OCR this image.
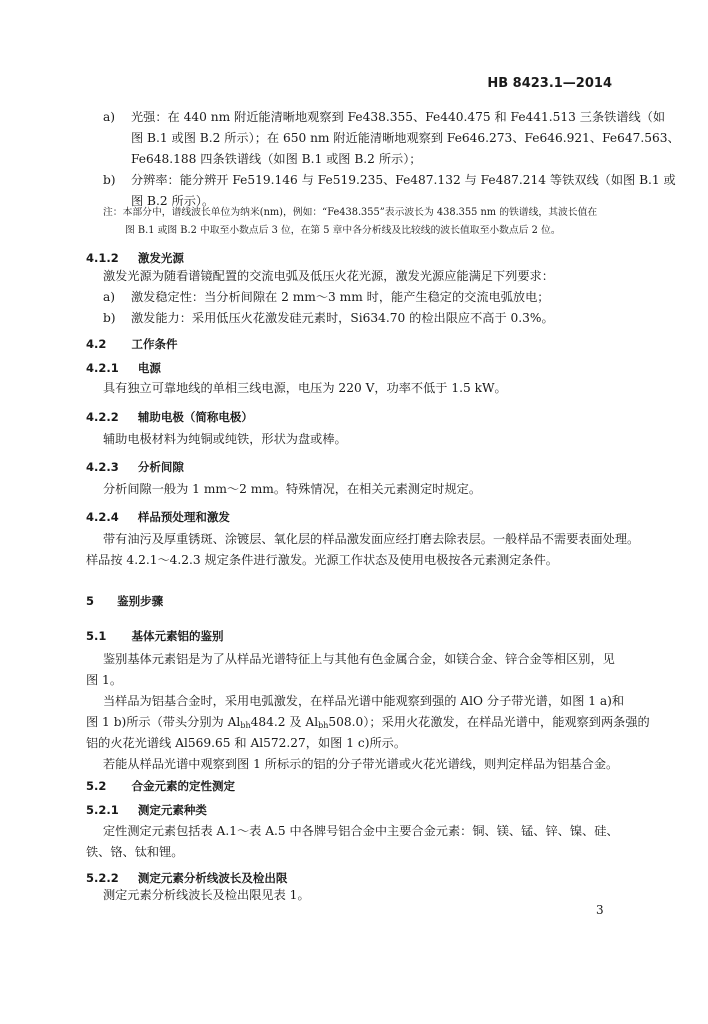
HB 8423.1—2014
a) 光强：在 440 nm 附近能清晰地观察到 Fe438.355、Fe440.475 和 Fe441.513 三条铁谱线（如
图 B.1 或图 B.2 所示）；在 650 nm 附近能清晰地观察到 Fe646.273、Fe646.921、Fe647.563、
Fe648.188 四条铁谱线（如图 B.1 或图 B.2 所示）；
b) 分辨率：能分辨开 Fe519.146 与 Fe519.235、Fe487.132 与 Fe487.214 等铁双线（如图 B.1 或
图 B.2 所示）。
注：本部分中，谱线波长单位为纳米(nm)，例如：“Fe438.355”表示波长为 438.355 nm 的铁谱线，其波长值在
图 B.1 或图 B.2 中取至小数点后 3 位，在第 5 章中各分析线及比较线的波长值取至小数点后 2 位。
4.1.2 激发光源
激发光源为随看谱镜配置的交流电弧及低压火花光源，激发光源应能满足下列要求：
a) 激发稳定性：当分析间隙在 2 mm～3 mm 时，能产生稳定的交流电弧放电；
b) 激发能力：采用低压火花激发硅元素时，Si634.70 的检出限应不高于 0.3%。
4.2 工作条件
4.2.1 电源
具有独立可靠地线的单相三线电源，电压为 220 V，功率不低于 1.5 kW。
4.2.2 辅助电极（简称电极）
辅助电极材料为纯铜或纯铁，形状为盘或棒。
4.2.3 分析间隙
分析间隙一般为 1 mm～2 mm。特殊情况，在相关元素测定时规定。
4.2.4 样品预处理和激发
带有油污及厚重锈斑、涂镀层、氧化层的样品激发面应经打磨去除表层。一般样品不需要表面处理。
样品按 4.2.1～4.2.3 规定条件进行激发。光源工作状态及使用电极按各元素测定条件。
5 鉴别步骤
5.1 基体元素铝的鉴别
鉴别基体元素铝是为了从样品光谱特征上与其他有色金属合金，如镁合金、锌合金等相区别，见
图 1。
当样品为铝基合金时，采用电弧激发，在样品光谱中能观察到强的 AlO 分子带光谱，如图 1 a)和
图 1 b)所示（带头分别为 $Al_{bh}484.2$ 及 $Al_{bh}508.0$）；采用火花激发，在样品光谱中，能观察到两条强的
铝的火花光谱线 Al569.65 和 Al572.27，如图 1 c)所示。
若能从样品光谱中观察到图 1 所标示的铝的分子带光谱或火花光谱线，则判定样品为铝基合金。
5.2 合金元素的定性测定
5.2.1 测定元素种类
定性测定元素包括表 A.1～表 A.5 中各牌号铝合金中主要合金元素：铜、镁、锰、锌、镍、硅、
铁、铬、钛和锂。
5.2.2 测定元素分析线波长及检出限
测定元素分析线波长及检出限见表 1。
3
